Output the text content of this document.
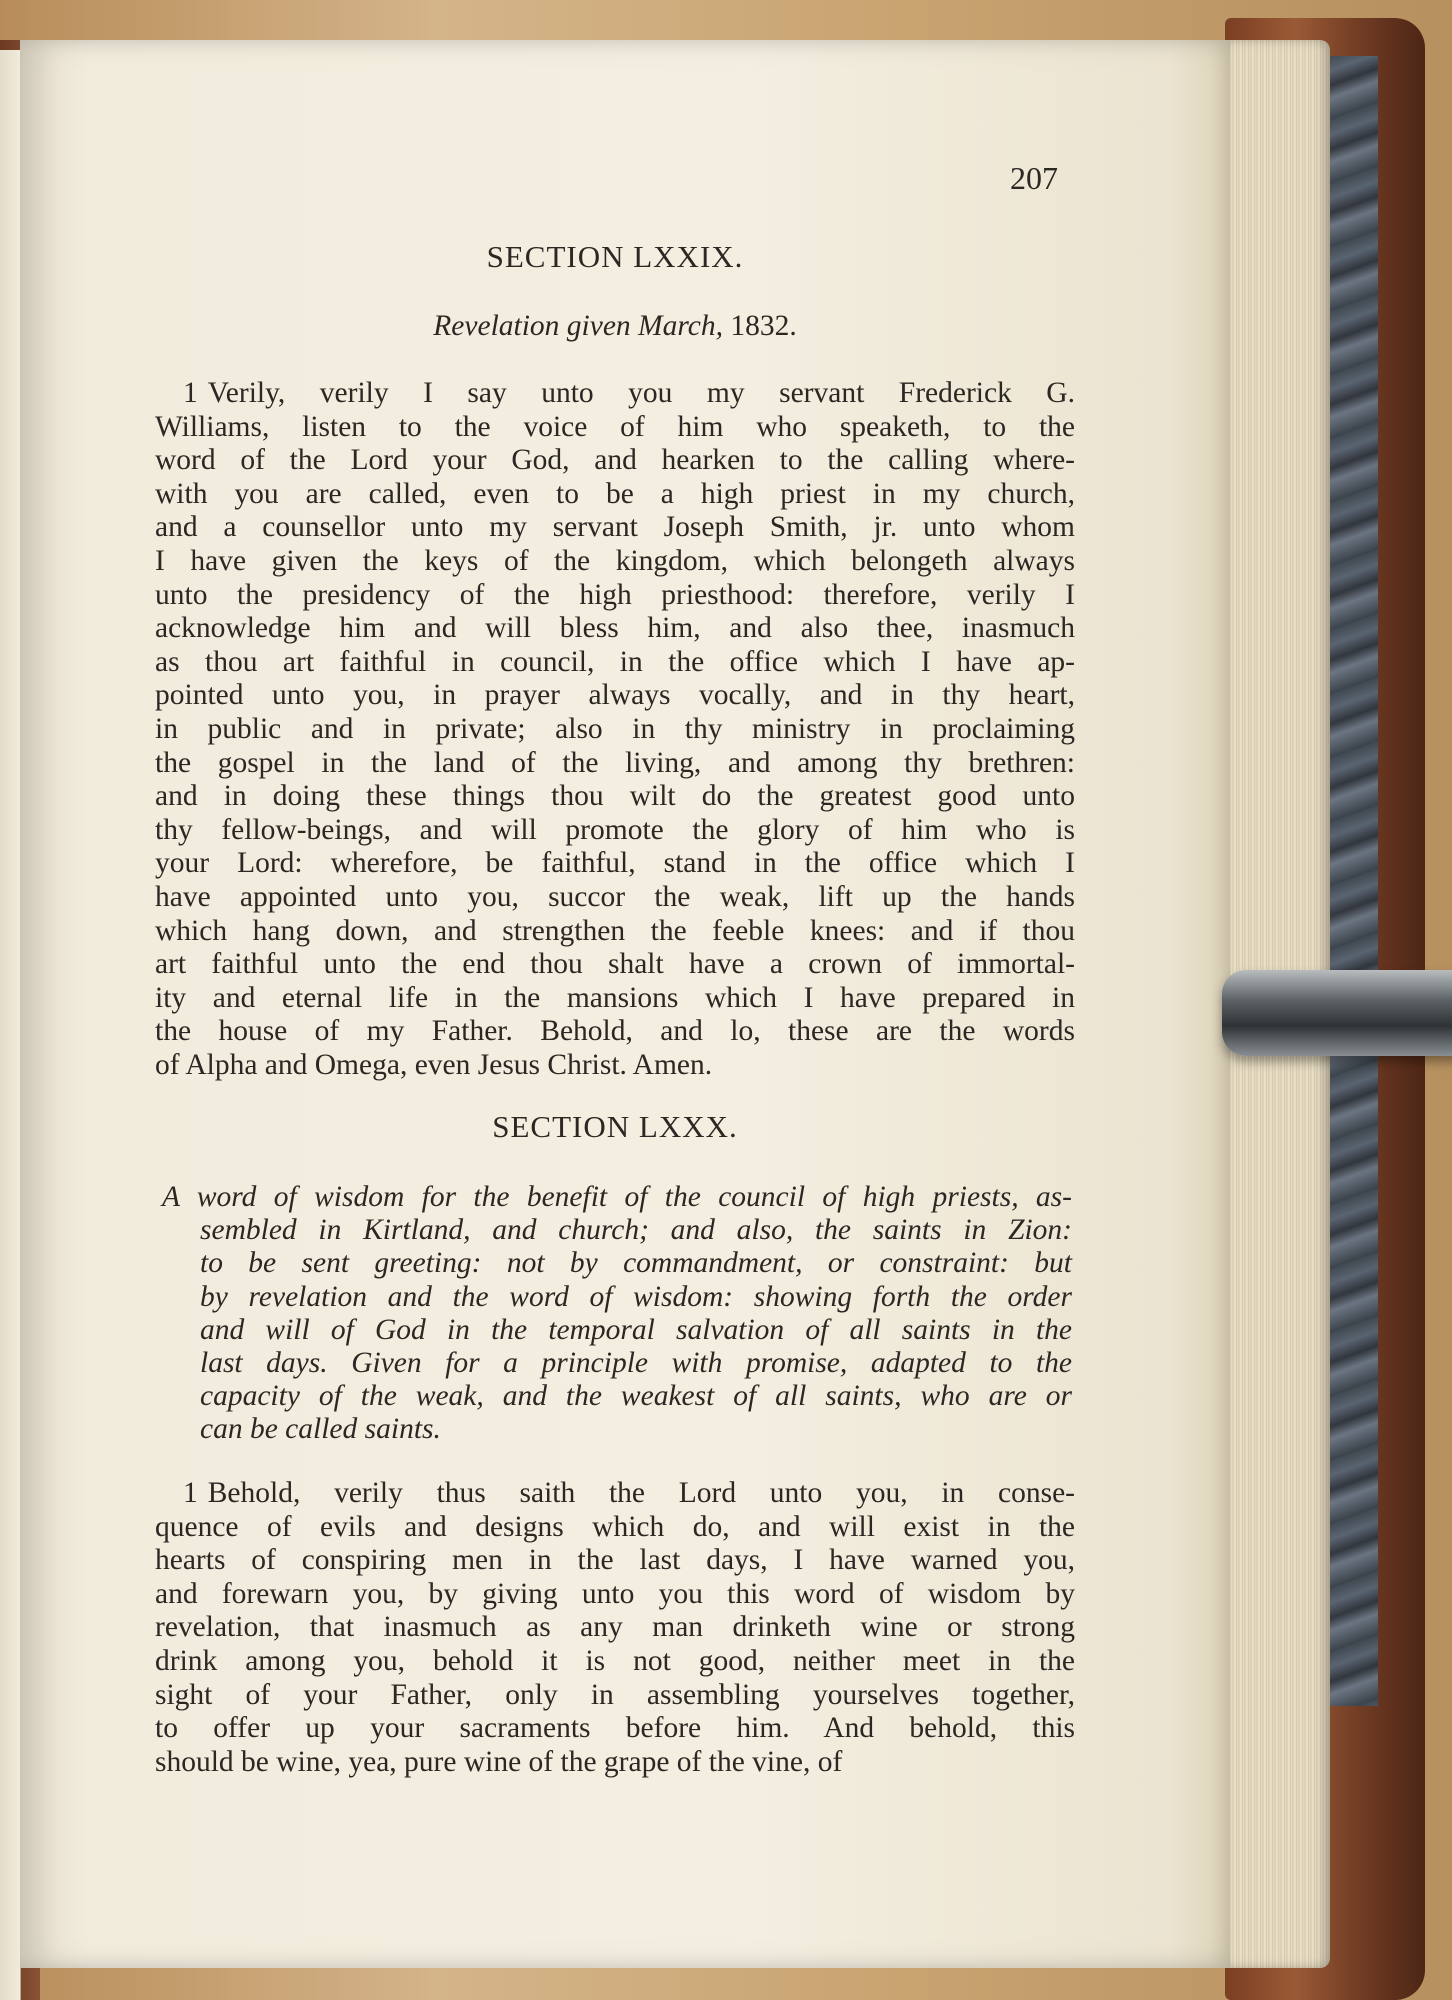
207
SECTION LXXIX.
Revelation given March, 1832.
1 Verily, verily I say unto you my servant Frederick G.
Williams, listen to the voice of him who speaketh, to the
word of the Lord your God, and hearken to the calling where-
with you are called, even to be a high priest in my church,
and a counsellor unto my servant Joseph Smith, jr. unto whom
I have given the keys of the kingdom, which belongeth always
unto the presidency of the high priesthood: therefore, verily I
acknowledge him and will bless him, and also thee, inasmuch
as thou art faithful in council, in the office which I have ap-
pointed unto you, in prayer always vocally, and in thy heart,
in public and in private; also in thy ministry in proclaiming
the gospel in the land of the living, and among thy brethren:
and in doing these things thou wilt do the greatest good unto
thy fellow-beings, and will promote the glory of him who is
your Lord: wherefore, be faithful, stand in the office which I
have appointed unto you, succor the weak, lift up the hands
which hang down, and strengthen the feeble knees: and if thou
art faithful unto the end thou shalt have a crown of immortal-
ity and eternal life in the mansions which I have prepared in
the house of my Father. Behold, and lo, these are the words
of Alpha and Omega, even Jesus Christ. Amen.
SECTION LXXX.
A word of wisdom for the benefit of the council of high priests, as-
sembled in Kirtland, and church; and also, the saints in Zion:
to be sent greeting: not by commandment, or constraint: but
by revelation and the word of wisdom: showing forth the order
and will of God in the temporal salvation of all saints in the
last days. Given for a principle with promise, adapted to the
capacity of the weak, and the weakest of all saints, who are or
can be called saints.
1 Behold, verily thus saith the Lord unto you, in conse-
quence of evils and designs which do, and will exist in the
hearts of conspiring men in the last days, I have warned you,
and forewarn you, by giving unto you this word of wisdom by
revelation, that inasmuch as any man drinketh wine or strong
drink among you, behold it is not good, neither meet in the
sight of your Father, only in assembling yourselves together,
to offer up your sacraments before him. And behold, this
should be wine, yea, pure wine of the grape of the vine, of
